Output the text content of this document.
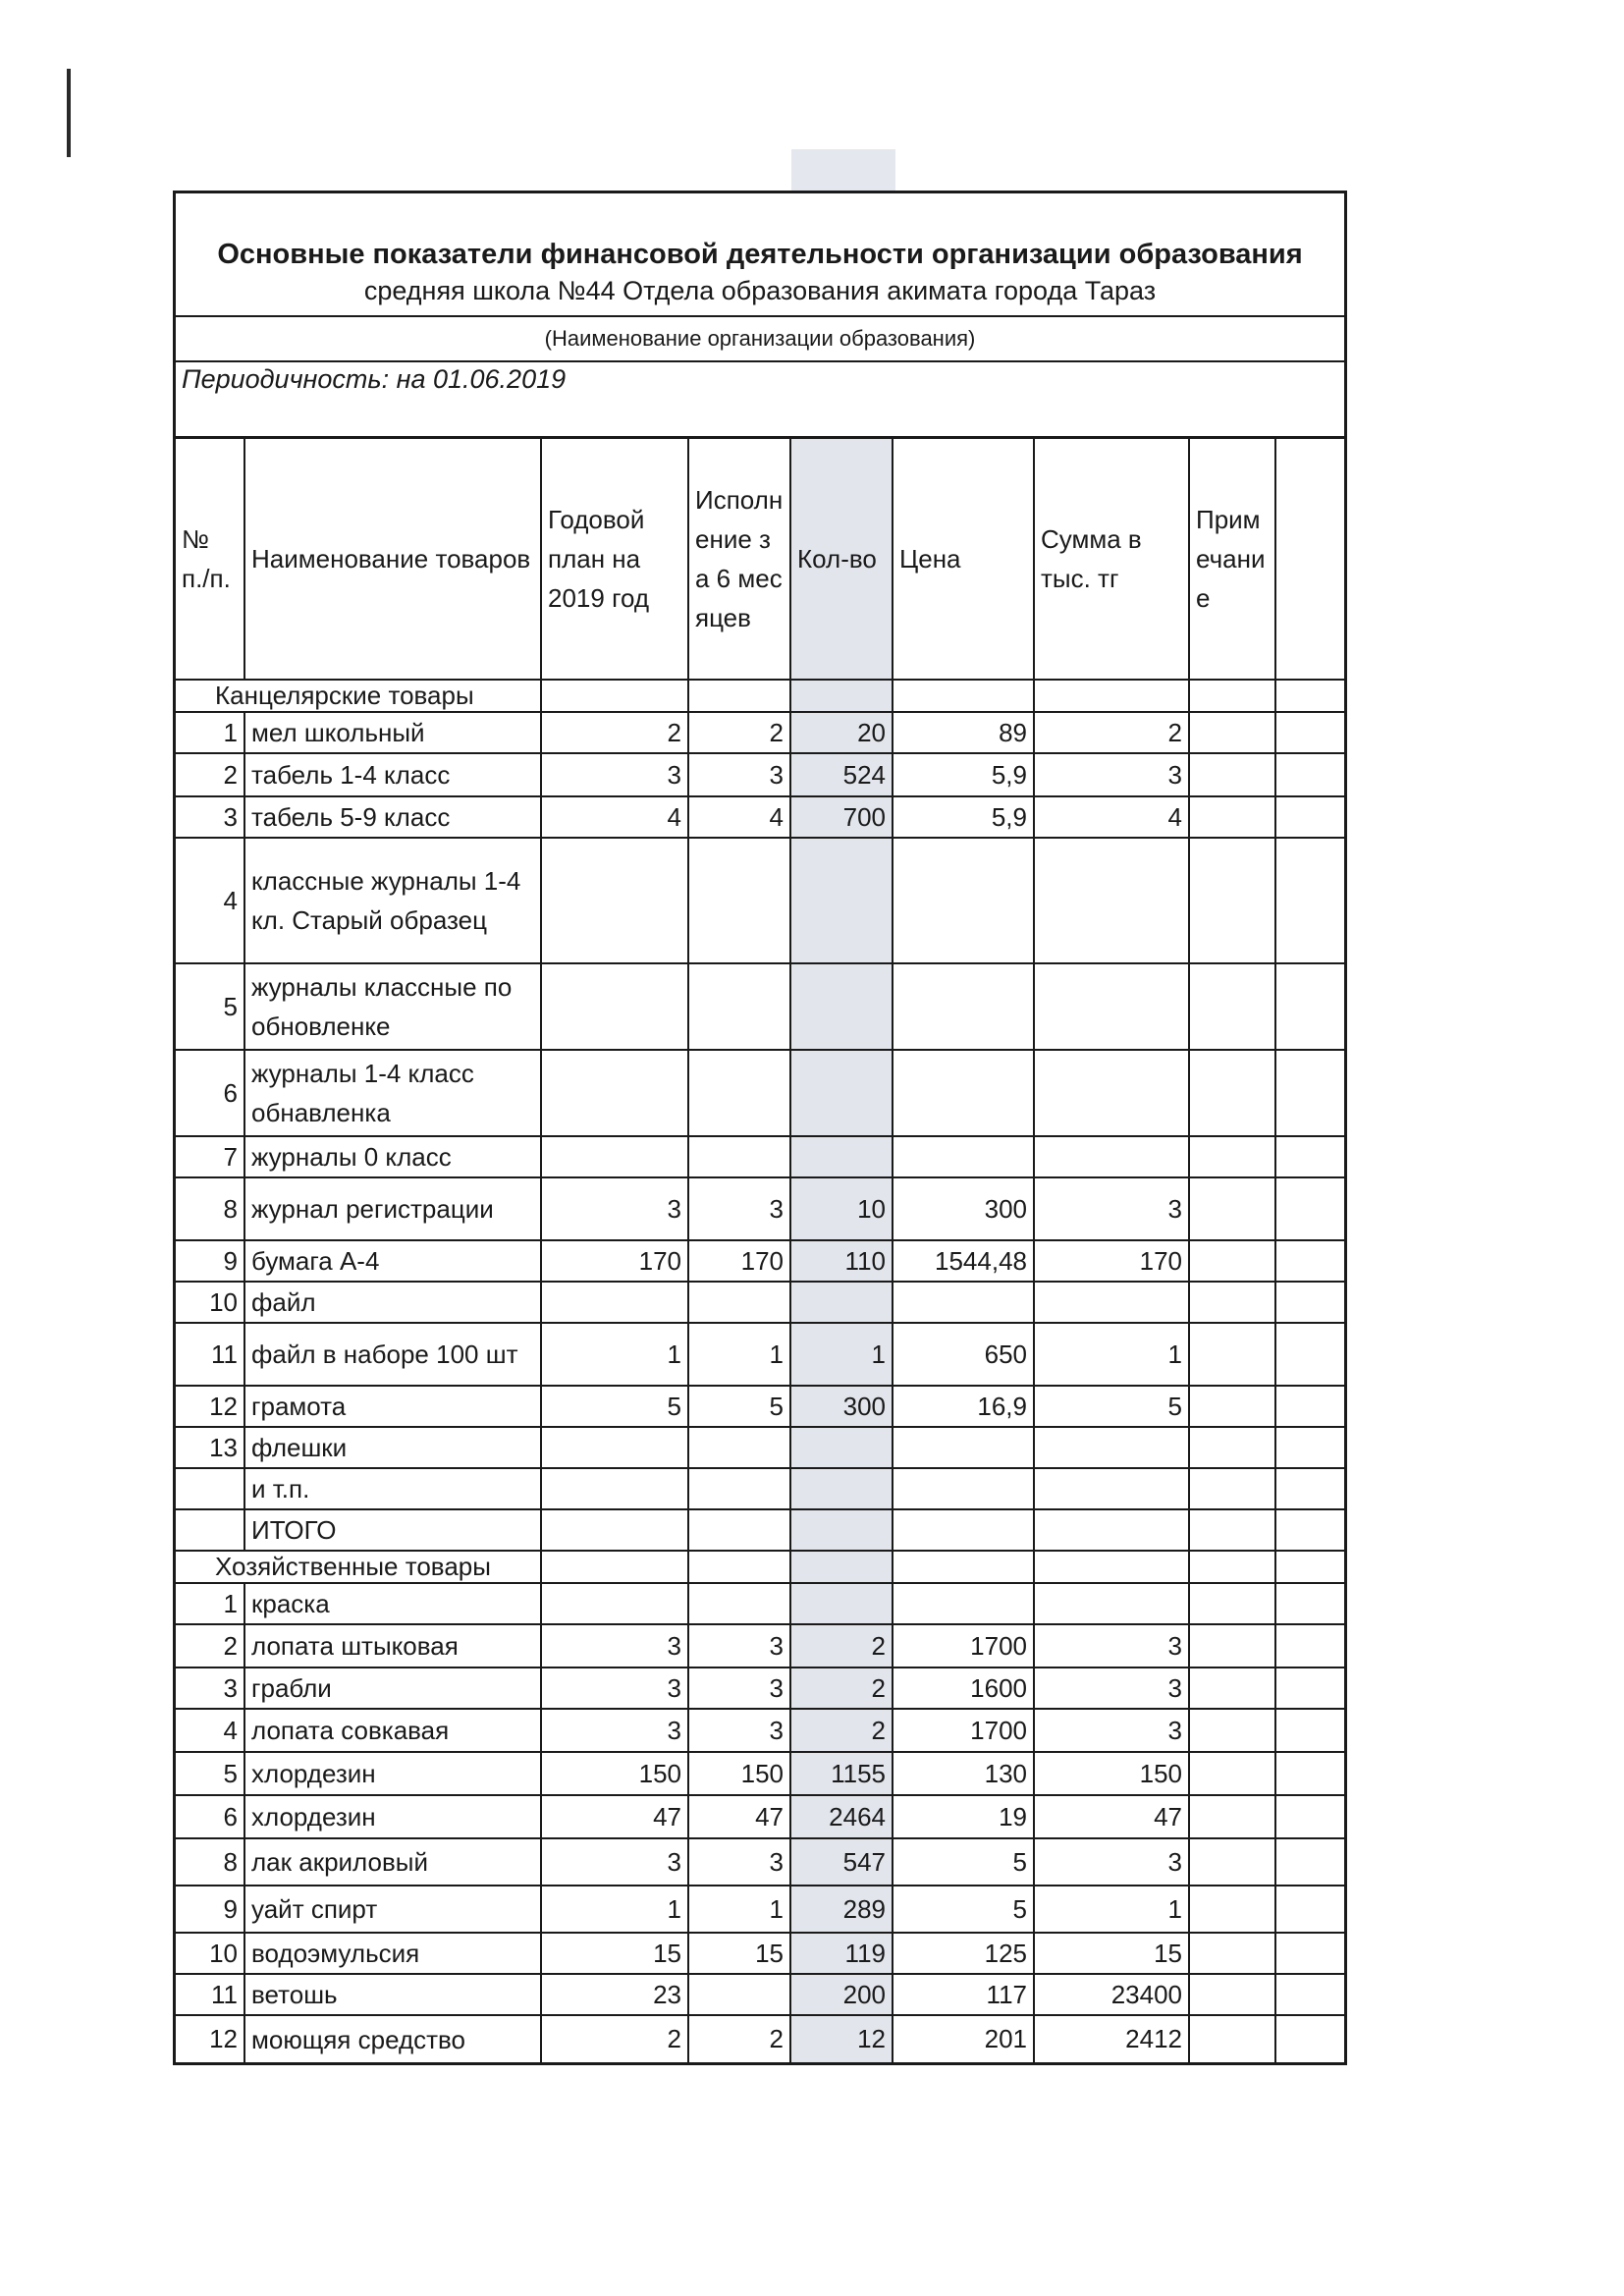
Основные показатели финансовой деятельности организации образования
средняя школа №44 Отдела образования акимата города Тараз
(Наименование организации образования)
Периодичность: на 01.06.2019
№ п./п.	Наименование товаров	Годовой план на 2019 год	Исполнение за 6 месяцев	Кол-во	Цена	Сумма в тыс. тг	Примечание	
Канцелярские товары								
1	мел школьный	2	2	20	89	2		
2	табель 1-4 класс	3	3	524	5,9	3		
3	табель 5-9 класс	4	4	700	5,9	4		
4	классные журналы 1-4 кл. Старый образец							
5	журналы классные по обновленке							
6	журналы 1-4 класс обнавленка							
7	журналы 0 класс							
8	журнал регистрации	3	3	10	300	3		
9	бумага А-4	170	170	110	1544,48	170		
10	файл							
11	файл в наборе 100 шт	1	1	1	650	1		
12	грамота	5	5	300	16,9	5		
13	флешки							
	и т.п.							
	ИТОГО							
Хозяйственные товары								
1	краска							
2	лопата штыковая	3	3	2	1700	3		
3	грабли	3	3	2	1600	3		
4	лопата совкавая	3	3	2	1700	3		
5	хлордезин	150	150	1155	130	150		
6	хлордезин	47	47	2464	19	47		
8	лак акриловый	3	3	547	5	3		
9	уайт спирт	1	1	289	5	1		
10	водоэмульсия	15	15	119	125	15		
11	ветошь	23		200	117	23400		
12	моющяя средство	2	2	12	201	2412		
